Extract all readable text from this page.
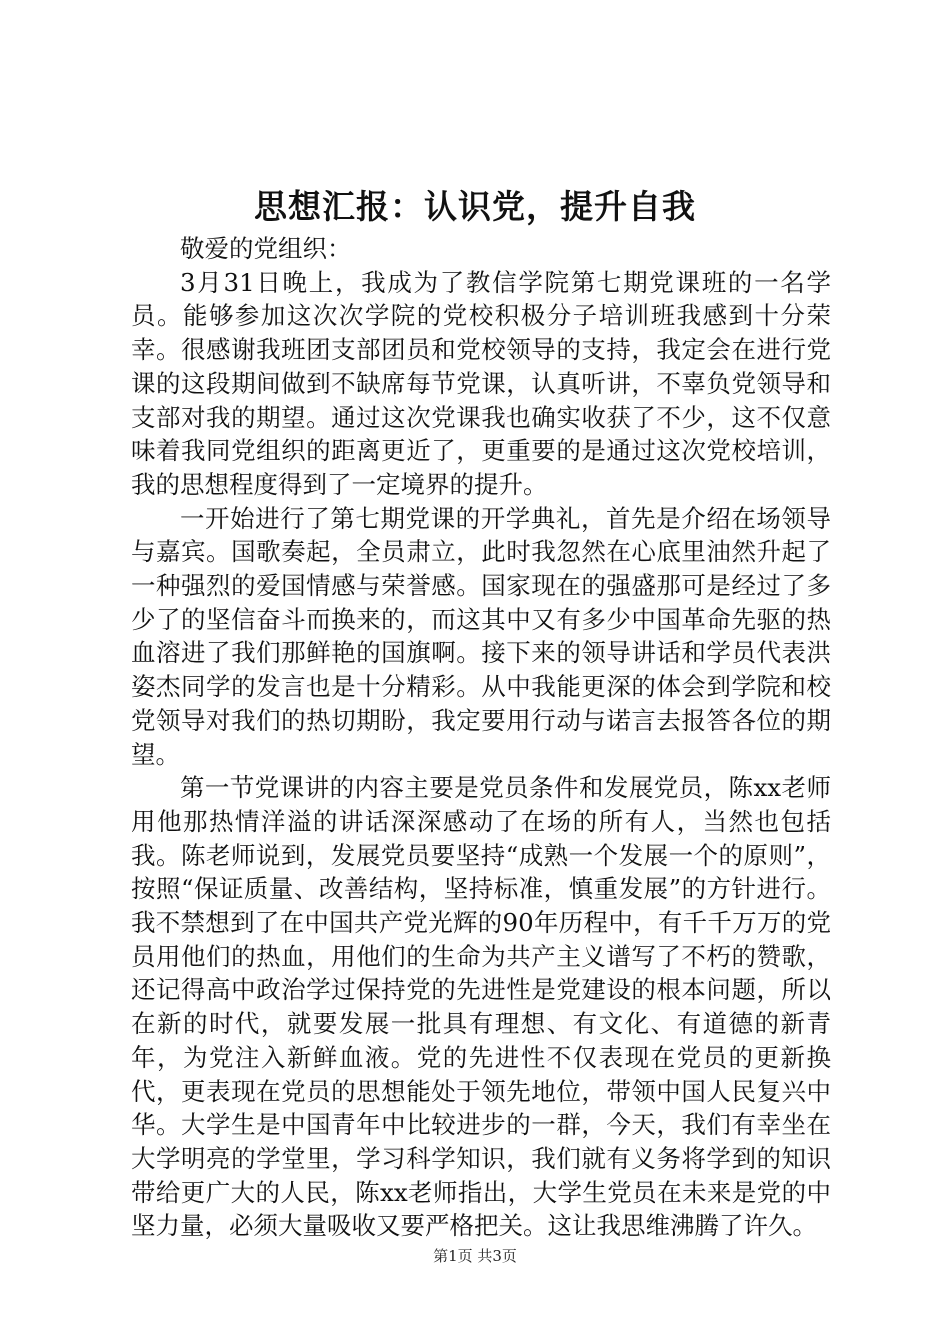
思想汇报：认识党，提升自我

敬爱的党组织：

3月31日晚上，我成为了教信学院第七期党课班的一名学员。能够参加这次次学院的党校积极分子培训班我感到十分荣幸。很感谢我班团支部团员和党校领导的支持，我定会在进行党课的这段期间做到不缺席每节党课，认真听讲，不辜负党领导和支部对我的期望。通过这次党课我也确实收获了不少，这不仅意味着我同党组织的距离更近了，更重要的是通过这次党校培训，我的思想程度得到了一定境界的提升。

一开始进行了第七期党课的开学典礼，首先是介绍在场领导与嘉宾。国歌奏起，全员肃立，此时我忽然在心底里油然升起了一种强烈的爱国情感与荣誉感。国家现在的强盛那可是经过了多少了的坚信奋斗而换来的，而这其中又有多少中国革命先驱的热血溶进了我们那鲜艳的国旗啊。接下来的领导讲话和学员代表洪姿杰同学的发言也是十分精彩。从中我能更深的体会到学院和校党领导对我们的热切期盼，我定要用行动与诺言去报答各位的期望。

第一节党课讲的内容主要是党员条件和发展党员，陈xx老师用他那热情洋溢的讲话深深感动了在场的所有人，当然也包括我。陈老师说到，发展党员要坚持“成熟一个发展一个的原则”，按照“保证质量、改善结构，坚持标准，慎重发展”的方针进行。我不禁想到了在中国共产党光辉的90年历程中，有千千万万的党员用他们的热血，用他们的生命为共产主义谱写了不朽的赞歌，还记得高中政治学过保持党的先进性是党建设的根本问题，所以在新的时代，就要发展一批具有理想、有文化、有道德的新青年，为党注入新鲜血液。党的先进性不仅表现在党员的更新换代，更表现在党员的思想能处于领先地位，带领中国人民复兴中华。大学生是中国青年中比较进步的一群，今天，我们有幸坐在大学明亮的学堂里，学习科学知识，我们就有义务将学到的知识带给更广大的人民，陈xx老师指出，大学生党员在未来是党的中坚力量，必须大量吸收又要严格把关。这让我思维沸腾了许久。

第1页 共3页
